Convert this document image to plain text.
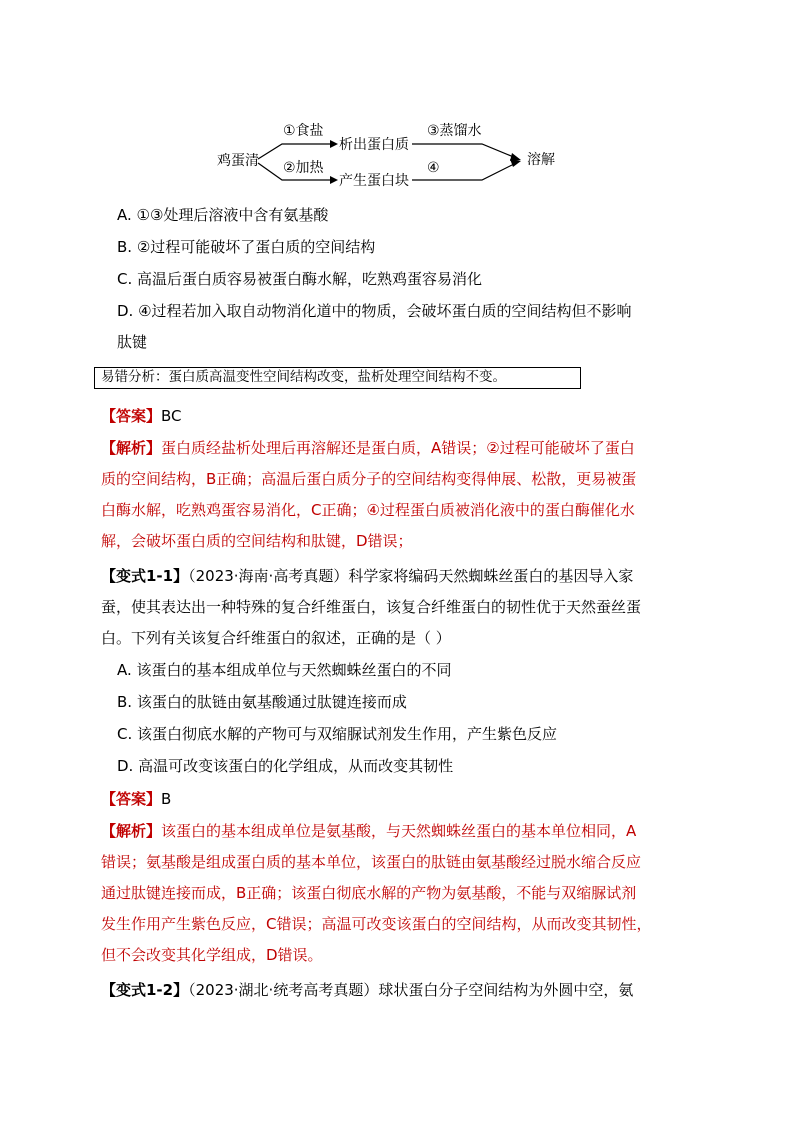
鸡蛋清
①食盐
析出蛋白质
③蒸馏水
溶解
②加热
产生蛋白块
④
A. ①③处理后溶液中含有氨基酸
B. ②过程可能破坏了蛋白质的空间结构
C. 高温后蛋白质容易被蛋白酶水解，吃熟鸡蛋容易消化
D. ④过程若加入取自动物消化道中的物质，会破坏蛋白质的空间结构但不影响
肽键
易错分析：蛋白质高温变性空间结构改变，盐析处理空间结构不变。
【答案】BC
【解析】蛋白质经盐析处理后再溶解还是蛋白质，A错误；②过程可能破坏了蛋白
质的空间结构，B正确；高温后蛋白质分子的空间结构变得伸展、松散，更易被蛋
白酶水解，吃熟鸡蛋容易消化，C正确；④过程蛋白质被消化液中的蛋白酶催化水
解，会破坏蛋白质的空间结构和肽键，D错误；
【变式1-1】（2023·海南·高考真题）科学家将编码天然蜘蛛丝蛋白的基因导入家
蚕，使其表达出一种特殊的复合纤维蛋白，该复合纤维蛋白的韧性优于天然蚕丝蛋
白。下列有关该复合纤维蛋白的叙述，正确的是（ ）
A. 该蛋白的基本组成单位与天然蜘蛛丝蛋白的不同
B. 该蛋白的肽链由氨基酸通过肽键连接而成
C. 该蛋白彻底水解的产物可与双缩脲试剂发生作用，产生紫色反应
D. 高温可改变该蛋白的化学组成，从而改变其韧性
【答案】B
【解析】该蛋白的基本组成单位是氨基酸，与天然蜘蛛丝蛋白的基本单位相同，A
错误；氨基酸是组成蛋白质的基本单位，该蛋白的肽链由氨基酸经过脱水缩合反应
通过肽键连接而成，B正确；该蛋白彻底水解的产物为氨基酸，不能与双缩脲试剂
发生作用产生紫色反应，C错误；高温可改变该蛋白的空间结构，从而改变其韧性，
但不会改变其化学组成，D错误。
【变式1-2】（2023·湖北·统考高考真题）球状蛋白分子空间结构为外圆中空，氨
